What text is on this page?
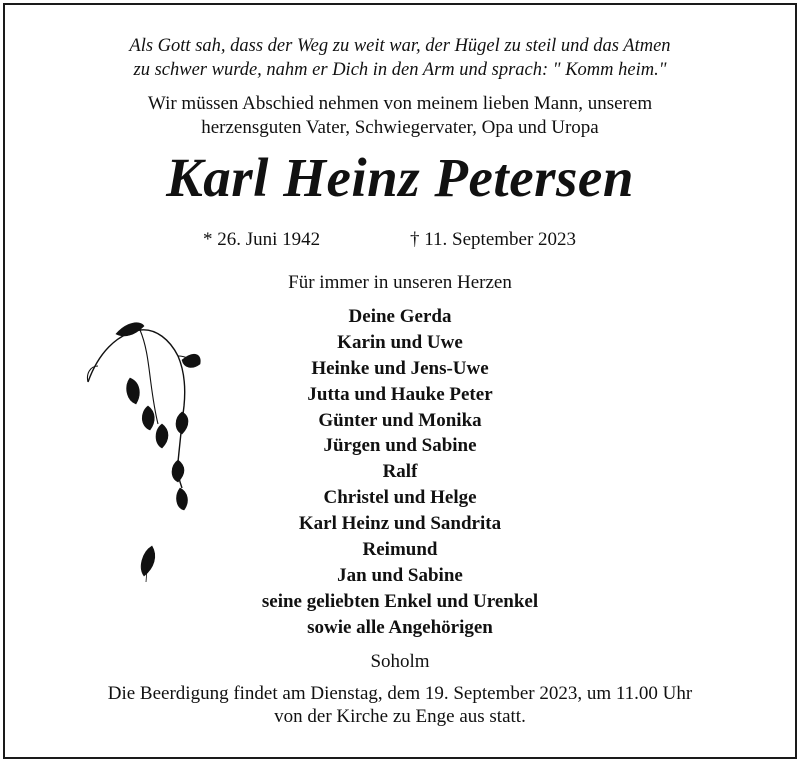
Als Gott sah, dass der Weg zu weit war, der Hügel zu steil und das Atmen
zu schwer wurde, nahm er Dich in den Arm und sprach: " Komm heim."
Wir müssen Abschied nehmen von meinem lieben Mann, unserem
herzensguten Vater, Schwiegervater, Opa und Uropa
Karl Heinz Petersen
* 26. Juni 1942	† 11. September 2023
Für immer in unseren Herzen
Deine Gerda
Karin und Uwe
Heinke und Jens-Uwe
Jutta und Hauke Peter
Günter und Monika
Jürgen und Sabine
Ralf
Christel und Helge
Karl Heinz und Sandrita
Reimund
Jan und Sabine
seine geliebten Enkel und Urenkel
sowie alle Angehörigen
Soholm
Die Beerdigung findet am Dienstag, dem 19. September 2023, um 11.00 Uhr
von der Kirche zu Enge aus statt.
